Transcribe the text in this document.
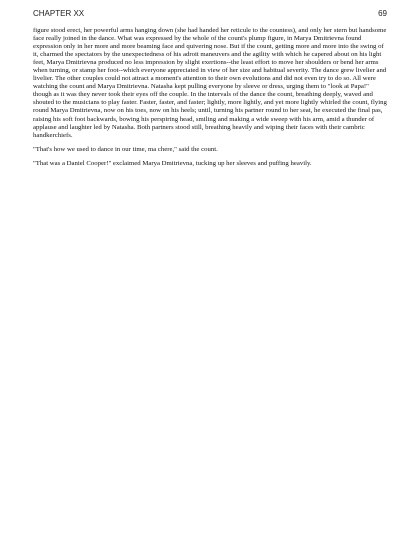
CHAPTER XX	69

figure stood erect, her powerful arms hanging down (she had handed her reticule to the countess), and only her stern but handsome face really joined in the dance. What was expressed by the whole of the count's plump figure, in Marya Dmitrievna found expression only in her more and more beaming face and quivering nose. But if the count, getting more and more into the swing of it, charmed the spectators by the unexpectedness of his adroit maneuvers and the agility with which he capered about on his light feet, Marya Dmitrievna produced no less impression by slight exertions--the least effort to move her shoulders or bend her arms when turning, or stamp her foot--which everyone appreciated in view of her size and habitual severity. The dance grew livelier and livelier. The other couples could not attract a moment's attention to their own evolutions and did not even try to do so. All were watching the count and Marya Dmitrievna. Natasha kept pulling everyone by sleeve or dress, urging them to "look at Papa!" though as it was they never took their eyes off the couple. In the intervals of the dance the count, breathing deeply, waved and shouted to the musicians to play faster. Faster, faster, and faster; lightly, more lightly, and yet more lightly whirled the count, flying round Marya Dmitrievna, now on his toes, now on his heels; until, turning his partner round to her seat, he executed the final pas, raising his soft foot backwards, bowing his perspiring head, smiling and making a wide sweep with his arm, amid a thunder of applause and laughter led by Natasha. Both partners stood still, breathing heavily and wiping their faces with their cambric handkerchiefs.

"That's how we used to dance in our time, ma chere," said the count.

"That was a Daniel Cooper!" exclaimed Marya Dmitrievna, tucking up her sleeves and puffing heavily.
